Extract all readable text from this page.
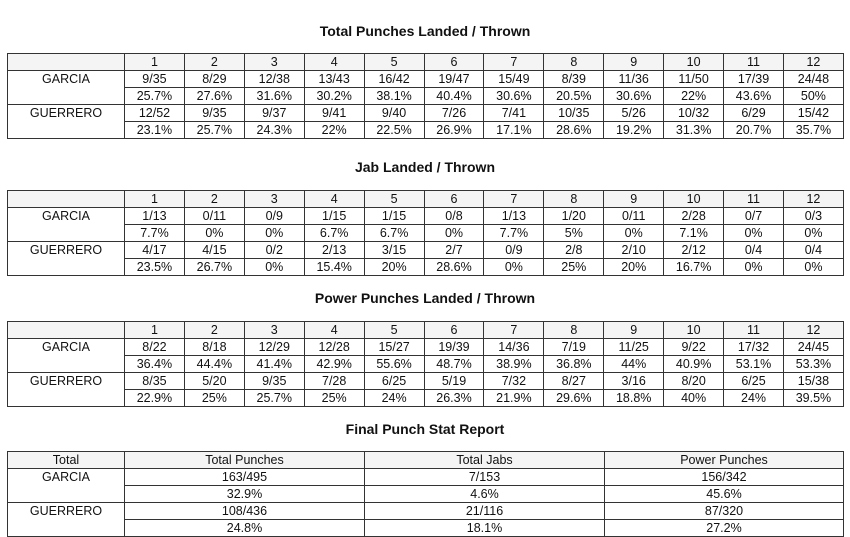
Total Punches Landed / Thrown

	1	2	3	4	5	6	7	8	9	10	11	12
GARCIA	9/35	8/29	12/38	13/43	16/42	19/47	15/49	8/39	11/36	11/50	17/39	24/48
	25.7%	27.6%	31.6%	30.2%	38.1%	40.4%	30.6%	20.5%	30.6%	22%	43.6%	50%
GUERRERO	12/52	9/35	9/37	9/41	9/40	7/26	7/41	10/35	5/26	10/32	6/29	15/42
	23.1%	25.7%	24.3%	22%	22.5%	26.9%	17.1%	28.6%	19.2%	31.3%	20.7%	35.7%

Jab Landed / Thrown

	1	2	3	4	5	6	7	8	9	10	11	12
GARCIA	1/13	0/11	0/9	1/15	1/15	0/8	1/13	1/20	0/11	2/28	0/7	0/3
	7.7%	0%	0%	6.7%	6.7%	0%	7.7%	5%	0%	7.1%	0%	0%
GUERRERO	4/17	4/15	0/2	2/13	3/15	2/7	0/9	2/8	2/10	2/12	0/4	0/4
	23.5%	26.7%	0%	15.4%	20%	28.6%	0%	25%	20%	16.7%	0%	0%

Power Punches Landed / Thrown

	1	2	3	4	5	6	7	8	9	10	11	12
GARCIA	8/22	8/18	12/29	12/28	15/27	19/39	14/36	7/19	11/25	9/22	17/32	24/45
	36.4%	44.4%	41.4%	42.9%	55.6%	48.7%	38.9%	36.8%	44%	40.9%	53.1%	53.3%
GUERRERO	8/35	5/20	9/35	7/28	6/25	5/19	7/32	8/27	3/16	8/20	6/25	15/38
	22.9%	25%	25.7%	25%	24%	26.3%	21.9%	29.6%	18.8%	40%	24%	39.5%

Final Punch Stat Report

Total	Total Punches	Total Jabs	Power Punches
GARCIA	163/495	7/153	156/342
	32.9%	4.6%	45.6%
GUERRERO	108/436	21/116	87/320
	24.8%	18.1%	27.2%
